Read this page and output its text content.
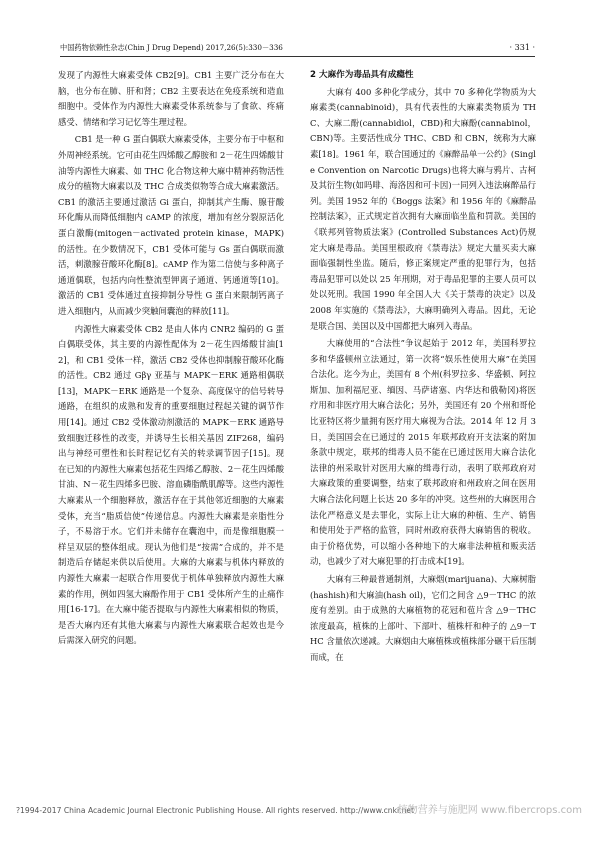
中国药物依赖性杂志(Chin J Drug Depend) 2017,26(5):330－336	· 331 ·

发现了内源性大麻素受体 CB2[9]。CB1 主要广泛分布在大脑，也分布在肺、肝和肾；CB2 主要表达在免疫系统和造血细胞中。受体作为内源性大麻素受体系统参与了食欲、疼痛感受、情绪和学习记忆等生理过程。

CB1 是一种 G 蛋白偶联大麻素受体，主要分布于中枢和外周神经系统。它可由花生四烯酸乙醇胺和 2－花生四烯酸甘油等内源性大麻素、如 THC 化合物这种大麻中精神药物活性成分的植物大麻素以及 THC 合成类似物等合成大麻素激活。CB1 的激活主要通过激活 Gi 蛋白，抑制其产生酶、腺苷酸环化酶从而降低细胞内 cAMP 的浓度，增加有丝分裂原活化蛋白激酶(mitogen－activated protein kinase，MAPK)的活性。在少数情况下，CB1 受体可能与 Gs 蛋白偶联而激活，刺激腺苷酸环化酶[8]。cAMP 作为第二信使与多种离子通道偶联，包括内向性整流型钾离子通道、钙通道等[10]。激活的 CB1 受体通过直接抑制分导性 G 蛋白来限制钙离子进入细胞内，从而减少突触间囊泡的释放[11]。

内源性大麻素受体 CB2 是由人体内 CNR2 编码的 G 蛋白偶联受体，其主要的内源性配体为 2－花生四烯酸甘油[12]，和 CB1 受体一样，激活 CB2 受体也抑制腺苷酸环化酶的活性。CB2 通过 Gβγ 亚基与 MAPK－ERK 通路相偶联[13]，MAPK－ERK 通路是一个复杂、高度保守的信号转导通路，在组织的成熟和发育的重要细胞过程起关键的调节作用[14]。通过 CB2 受体激动剂激活的 MAPK－ERK 通路导致细胞迁移性的改变，并诱导生长相关基因 ZIF268，编码出与神经可塑性和长时程记忆有关的转录调节因子[15]。现在已知的内源性大麻素包括花生四烯乙醇胺、2－花生四烯酸甘油、N－花生四烯多巴胺、溶血磷脂酰肌醇等。这些内源性大麻素从一个细胞释放，激活存在于其他邻近细胞的大麻素受体，充当“脂质信使”传递信息。内源性大麻素是亲脂性分子，不易溶于水。它们并未储存在囊泡中，而是像细胞膜一样呈双层的整体组成。现认为他们是“按需”合成的，并不是制造后存储起来供以后使用。大麻的大麻素与机体内释放的内源性大麻素一起联合作用要优于机体单独释放内源性大麻素的作用，例如四氢大麻酚作用于 CB1 受体所产生的止痛作用[16-17]。在大麻中能否提取与内源性大麻素相似的物质，是否大麻内还有其他大麻素与内源性大麻素联合起效也是今后需深入研究的问题。

2 大麻作为毒品具有成瘾性

大麻有 400 多种化学成分，其中 70 多种化学物质为大麻素类(cannabinoid)，具有代表性的大麻素类物质为 THC、大麻二酚(cannabidiol，CBD)和大麻酚(cannabinol，CBN)等。主要活性成分 THC、CBD 和 CBN，统称为大麻素[18]。1961 年，联合国通过的《麻醉品单一公约》(Single Convention on Narcotic Drugs)也将大麻与鸦片、古柯及其衍生物(如吗啡、海洛因和可卡因)一同列入违法麻醉品行列。美国 1952 年的《Boggs 法案》和 1956 年的《麻醉品控制法案》，正式规定首次拥有大麻面临坐监和罚款。美国的《联邦列管物质法案》(Controlled Substances Act)仍规定大麻是毒品。美国里根政府《禁毒法》规定大量买卖大麻面临强制性坐监。随后，修正案规定严重的犯罪行为，包括毒品犯罪可以处以 25 年刑期，对于毒品犯罪的主要人员可以处以死刑。我国 1990 年全国人大《关于禁毒的决定》以及 2008 年实施的《禁毒法》，大麻明确列入毒品。因此，无论是联合国、美国以及中国都把大麻列入毒品。

大麻使用的“合法性”争议起始于 2012 年，美国科罗拉多和华盛顿州立法通过，第一次将“娱乐性使用大麻”在美国合法化。迄今为止，美国有 8 个州(科罗拉多、华盛顿、阿拉斯加、加利福尼亚、缅因、马萨诸塞、内华达和俄勒冈)将医疗用和非医疗用大麻合法化；另外，美国还有 20 个州和哥伦比亚特区将少量拥有医疗用大麻视为合法。2014 年 12 月 3 日，美国国会在已通过的 2015 年联邦政府开支法案的附加条款中规定，联邦的缉毒人员不能在已通过医用大麻合法化法律的州采取针对医用大麻的缉毒行动，表明了联邦政府对大麻政策的重要调整，结束了联邦政府和州政府之间在医用大麻合法化问题上长达 20 多年的冲突。这些州的大麻医用合法化严格意义是去罪化，实际上让大麻的种植、生产、销售和使用处于严格的监管，同时州政府获得大麻销售的税收。由于价格优势，可以缩小各种地下的大麻非法种植和贩卖活动，也减少了对大麻犯罪的打击成本[19]。

大麻有三种最普通制剂，大麻烟(marijuana)、大麻树脂(hashish)和大麻油(hash oil)，它们之间含 △9－THC 的浓度有差别。由于成熟的大麻植物的花冠和苞片含 △9－THC 浓度最高，植株的上部叶、下部叶、植株杆和种子的 △9－THC 含量依次递减。大麻烟由大麻植株或植株部分碾干后压制而成，在

?1994-2017 China Academic Journal Electronic Publishing House. All rights reserved. http://www.cnki.net
植物营养与施肥网 www.fibercrops.com
